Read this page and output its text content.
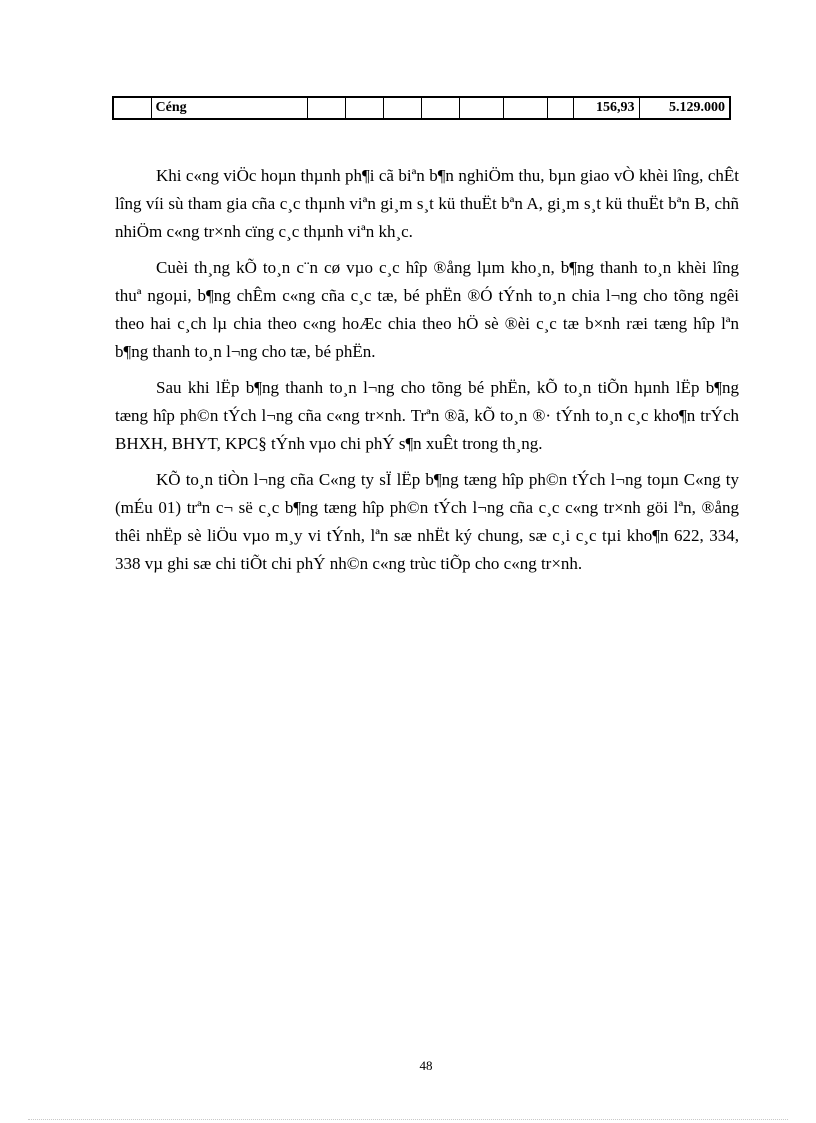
	Céng								156,93	5.129.000

Khi c«ng viÖc hoµn thµnh ph¶i cã biªn b¶n nghiÖm thu, bµn giao vÒ khèi lîng, chÊt lîng víi sù tham gia cña c¸c thµnh viªn gi¸m s¸t kü thuËt bªn A, gi¸m s¸t kü thuËt bªn B, chñ nhiÖm c«ng tr×nh cïng c¸c thµnh viªn kh¸c.

Cuèi th¸ng kÕ to¸n c¨n cø vµo c¸c hîp ®ång lµm kho¸n, b¶ng thanh to¸n khèi lîng thuª ngoµi, b¶ng chÊm c«ng cña c¸c tæ, bé phËn ®Ó tÝnh to¸n chia l¬ng cho tõng ngêi theo hai c¸ch lµ chia theo c«ng hoÆc chia theo hÖ sè ®èi c¸c tæ b×nh ræi tæng hîp lªn b¶ng thanh to¸n l¬ng cho tæ, bé phËn.

Sau khi lËp b¶ng thanh to¸n l¬ng cho tõng bé phËn, kÕ to¸n tiÕn hµnh lËp b¶ng tæng hîp ph©n tÝch l¬ng cña c«ng tr×nh. Trªn ®ã, kÕ to¸n ®· tÝnh to¸n c¸c kho¶n trÝch BHXH, BHYT, KPC§ tÝnh vµo chi phÝ s¶n xuÊt trong th¸ng.

KÕ to¸n tiÒn l¬ng cña C«ng ty sÏ lËp b¶ng tæng hîp ph©n tÝch l¬ng toµn C«ng ty (mÉu 01) trªn c¬ së c¸c b¶ng tæng hîp ph©n tÝch l¬ng cña c¸c c«ng tr×nh göi lªn, ®ång thêi nhËp sè liÖu vµo m¸y vi tÝnh, lªn sæ nhËt ký chung, sæ c¸i c¸c tµi kho¶n 622, 334, 338 vµ ghi sæ chi tiÕt chi phÝ nh©n c«ng trùc tiÕp cho c«ng tr×nh.

48
